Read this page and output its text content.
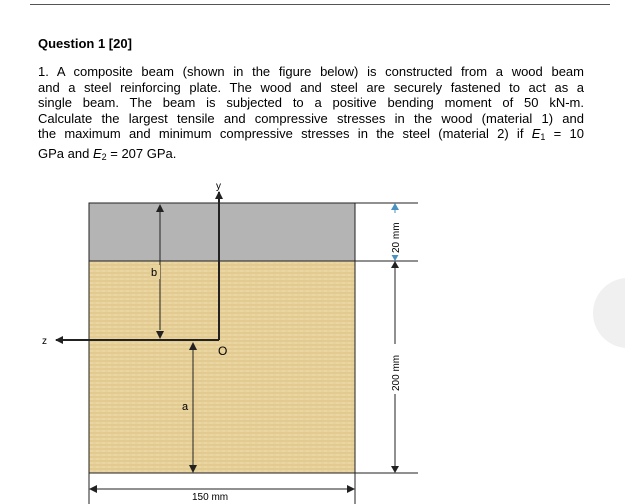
Question 1 [20]
1. A composite beam (shown in the figure below) is constructed from a wood beam
and a steel reinforcing plate. The wood and steel are securely fastened to act as a
single beam. The beam is subjected to a positive bending moment of 50 kN-m.
Calculate the largest tensile and compressive stresses in the wood (material 1) and
the maximum and minimum compressive stresses in the steel (material 2) if $E_1 = 10$
GPa and $E_2 = 207$ GPa.
y
z
O
b
a
150 mm
20 mm
200 mm
